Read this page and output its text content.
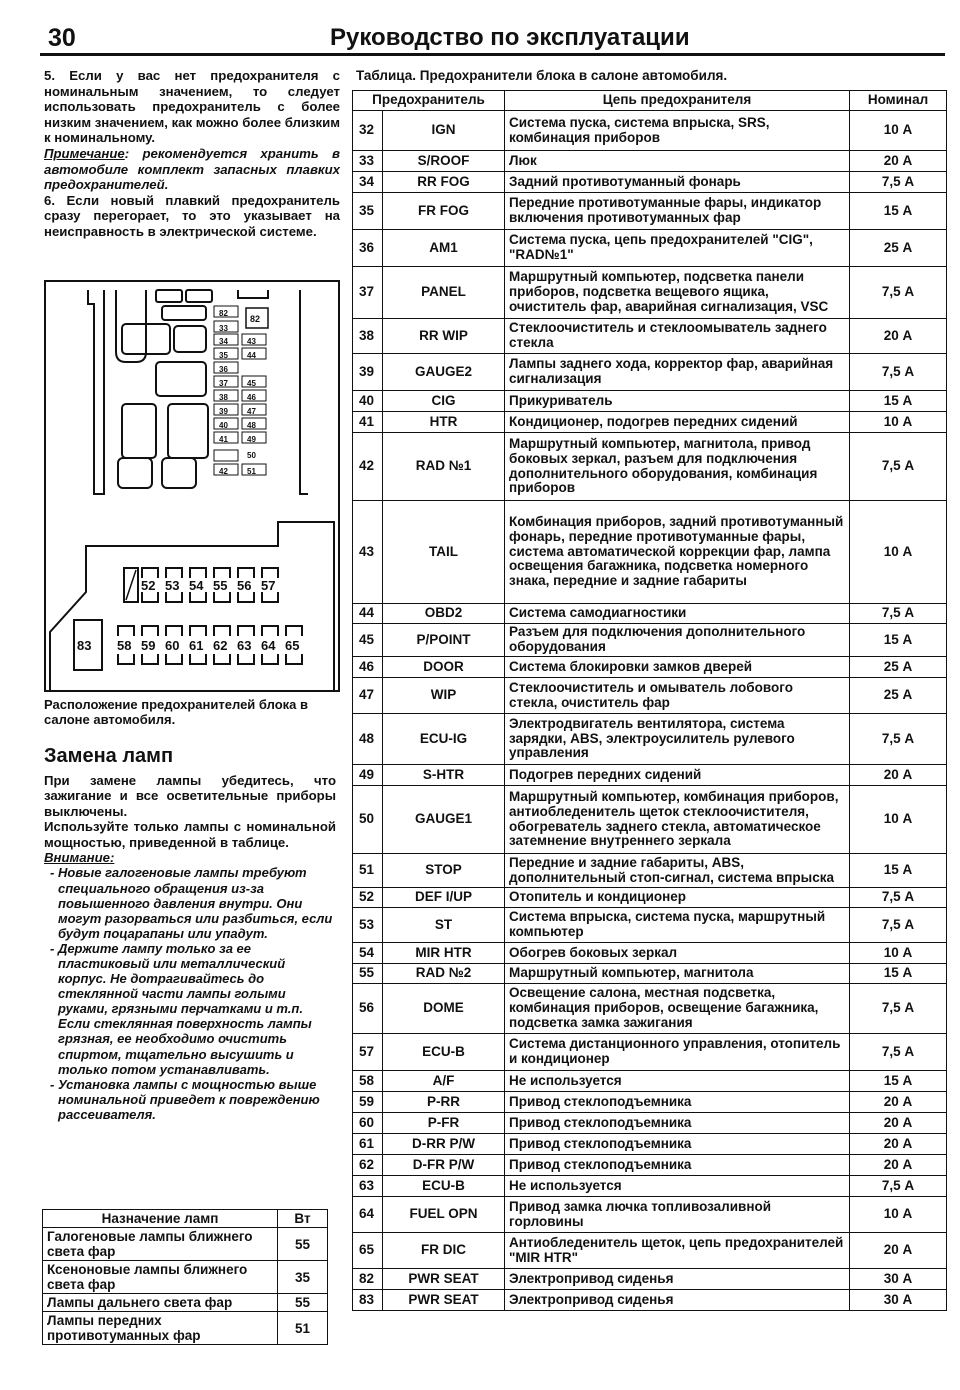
30	Руководство по эксплуатации

5. Если у вас нет предохранителя с номинальным значением, то следует использовать предохранитель с более низким значением, как можно более близким к номинальному.

Примечание: рекомендуется хранить в автомобиле комплект запасных плавких предохранителей.

6. Если новый плавкий предохранитель сразу перегорает, то это указывает на неисправность в электрической системе.

33
34 43
35 44
36
37 45
38 46
39 47
40 48
41 49
42 51
82
82
50
52 53 54 55 56 57
83 58 59 60 61 62 63 64 65
Расположение предохранителей блока в салоне автомобиля.
Замена ламп

При замене лампы убедитесь, что зажигание и все осветительные приборы выключены.

Используйте только лампы с номинальной мощностью, приведенной в таблице.

Внимание:

- Новые галогеновые лампы требуют специального обращения из-за повышенного давления внутри. Они могут разорваться или разбиться, если будут поцарапаны или упадут.

- Держите лампу только за ее пластиковый или металлический корпус. Не дотрагивайтесь до стеклянной части лампы голыми руками, грязными перчатками и т.п. Если стеклянная поверхность лампы грязная, ее необходимо очистить спиртом, тщательно высушить и только потом устанавливать.

- Установка лампы с мощностью выше номинальной приведет к повреждению рассеивателя.

Назначение ламп	Вт
Галогеновые лампы ближнего света фар	55
Ксеноновые лампы ближнего света фар	35
Лампы дальнего света фар	55
Лампы передних противотуманных фар	51
Таблица. Предохранители блока в салоне автомобиля.
Предохранитель		Цепь предохранителя	Номинал
32	IGN	Система пуска, система впрыска, SRS, комбинация приборов	10 А
33	S/ROOF	Люк	20 А
34	RR FOG	Задний противотуманный фонарь	7,5 А
35	FR FOG	Передние противотуманные фары, индикатор включения противотуманных фар	15 А
36	AM1	Система пуска, цепь предохранителей "CIG", "RAD№1"	25 А
37	PANEL	Маршрутный компьютер, подсветка панели приборов, подсветка вещевого ящика, очиститель фар, аварийная сигнализация, VSC	7,5 А
38	RR WIP	Стеклоочиститель и стеклоомыватель заднего стекла	20 А
39	GAUGE2	Лампы заднего хода, корректор фар, аварийная сигнализация	7,5 А
40	CIG	Прикуриватель	15 А
41	HTR	Кондиционер, подогрев передних сидений	10 А
42	RAD №1	Маршрутный компьютер, магнитола, привод боковых зеркал, разъем для подключения дополнительного оборудования, комбинация приборов	7,5 А
43	TAIL	Комбинация приборов, задний противотуманный фонарь, передние противотуманные фары, система автоматической коррекции фар, лампа освещения багажника, подсветка номерного знака, передние и задние габариты	10 А
44	OBD2	Система самодиагностики	7,5 А
45	P/POINT	Разъем для подключения дополнительного оборудования	15 А
46	DOOR	Система блокировки замков дверей	25 А
47	WIP	Стеклоочиститель и омыватель лобового стекла, очиститель фар	25 А
48	ECU-IG	Электродвигатель вентилятора, система зарядки, ABS, электроусилитель рулевого управления	7,5 А
49	S-HTR	Подогрев передних сидений	20 А
50	GAUGE1	Маршрутный компьютер, комбинация приборов, антиобледенитель щеток стеклоочистителя, обогреватель заднего стекла, автоматическое затемнение внутреннего зеркала	10 А
51	STOP	Передние и задние габариты, ABS, дополнительный стоп-сигнал, система впрыска	15 А
52	DEF I/UP	Отопитель и кондиционер	7,5 А
53	ST	Система впрыска, система пуска, маршрутный компьютер	7,5 А
54	MIR HTR	Обогрев боковых зеркал	10 А
55	RAD №2	Маршрутный компьютер, магнитола	15 А
56	DOME	Освещение салона, местная подсветка, комбинация приборов, освещение багажника, подсветка замка зажигания	7,5 А
57	ECU-B	Система дистанционного управления, отопитель и кондиционер	7,5 А
58	A/F	Не используется	15 А
59	P-RR	Привод стеклоподъемника	20 А
60	P-FR	Привод стеклоподъемника	20 А
61	D-RR P/W	Привод стеклоподъемника	20 А
62	D-FR P/W	Привод стеклоподъемника	20 А
63	ECU-B	Не используется	7,5 А
64	FUEL OPN	Привод замка лючка топливозаливной горловины	10 А
65	FR DIC	Антиобледенитель щеток, цепь предохранителей "MIR HTR"	20 А
82	PWR SEAT	Электропривод сиденья	30 А
83	PWR SEAT	Электропривод сиденья	30 А
